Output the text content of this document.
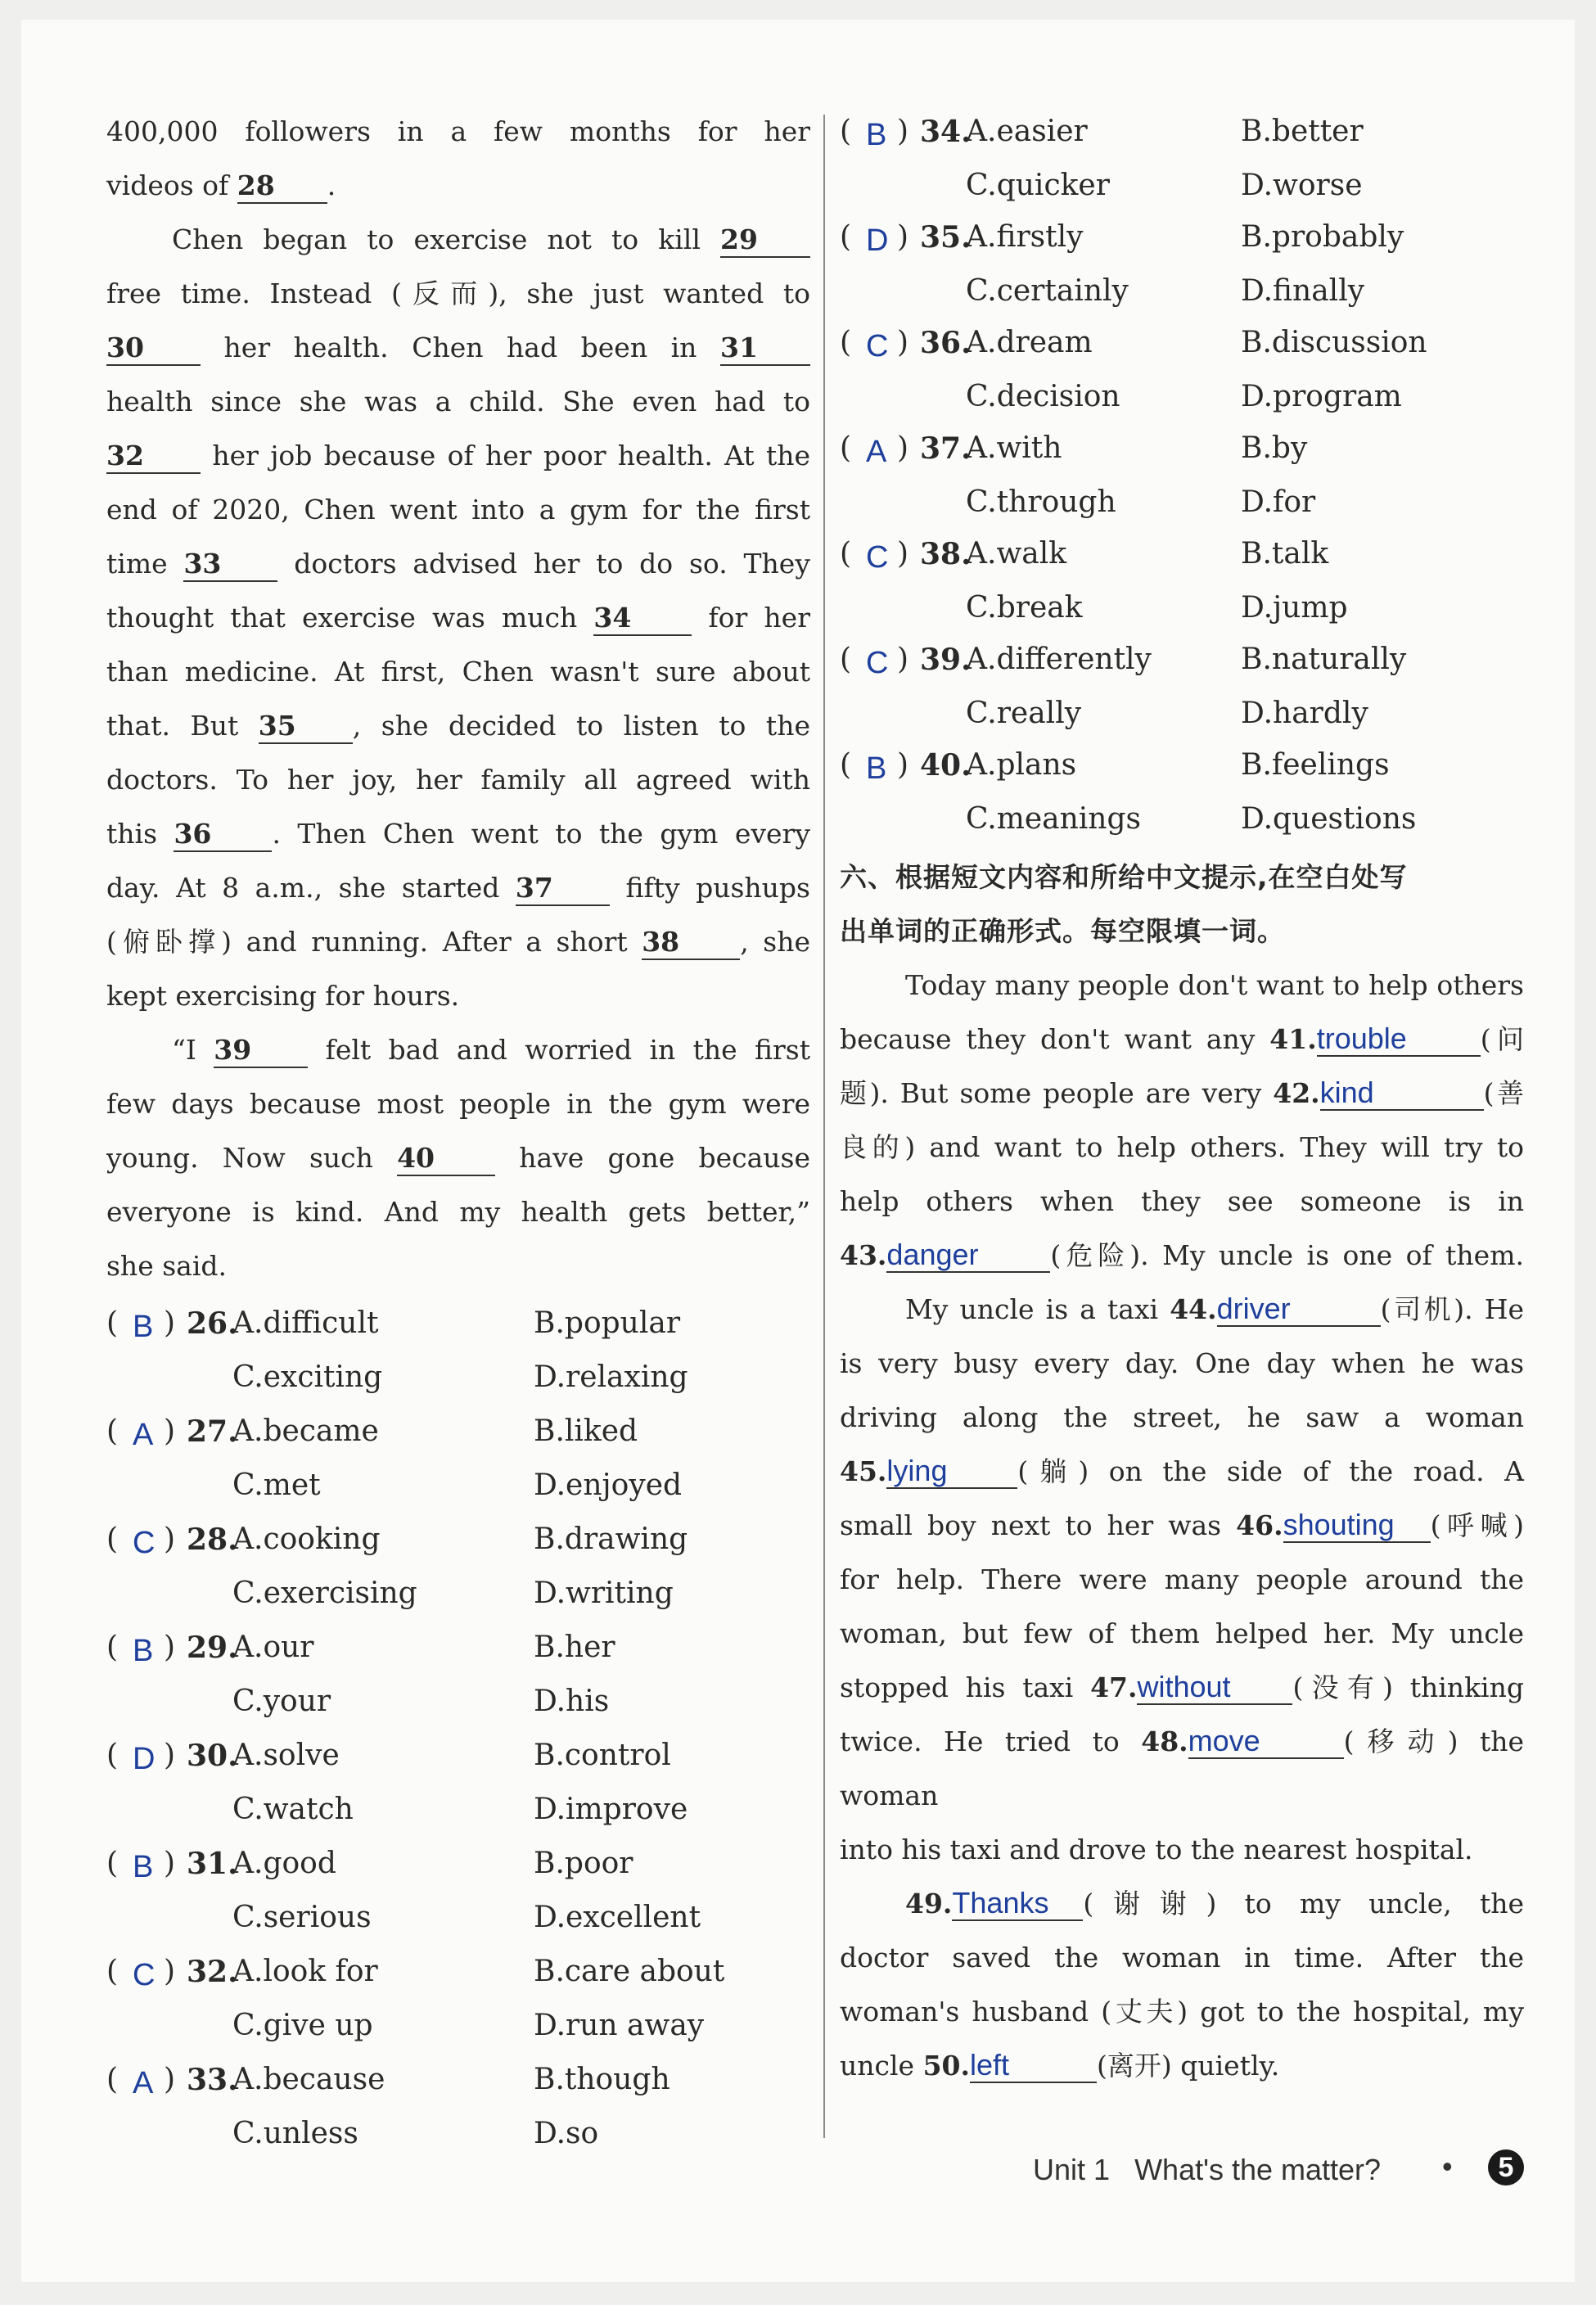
400,000 followers in a few months for her
videos of 28 .
Chen began to exercise not to kill 29
free time. Instead (反而), she just wanted to
30	her health. Chen had been in 31
health since she was a child. She even had to
32	her job because of her poor health. At the
end of 2020, Chen went into a gym for the first
time 33	doctors advised her to do so. They
thought that exercise was much 34	for her
than medicine. At first, Chen wasn't sure about
that. But 35 , she decided to listen to the
doctors. To her joy, her family all agreed with
this 36 . Then Chen went to the gym every
day. At 8 a.m., she started 37	fifty pushups
(俯卧撑) and running. After a short 38 , she
kept exercising for hours.
“I 39	felt bad and worried in the first
few days because most people in the gym were
young. Now such 40	have gone because
everyone is kind. And my health gets better,”
she said.
( B ) 26.
A.difficult	B.popular
C.exciting	D.relaxing
( A ) 27.
A.became	B.liked
C.met	D.enjoyed
( C ) 28.
A.cooking	B.drawing
C.exercising	D.writing
( B ) 29.
A.our	B.her
C.your	D.his
( D ) 30.
A.solve	B.control
C.watch	D.improve
( B ) 31.
A.good	B.poor
C.serious	D.excellent
( C ) 32.
A.look for	B.care about
C.give up	D.run away
( A ) 33.
A.because	B.though
C.unless	D.so
( B ) 34.
A.easier	B.better
C.quicker	D.worse
( D ) 35.
A.firstly	B.probably
C.certainly	D.finally
( C ) 36.
A.dream	B.discussion
C.decision	D.program
( A ) 37.
A.with	B.by
C.through	D.for
( C ) 38.
A.walk	B.talk
C.break	D.jump
( C ) 39.
A.differently	B.naturally
C.really	D.hardly
( B ) 40.
A.plans	B.feelings
C.meanings	D.questions
六、根据短文内容和所给中文提示,在空白处写
出单词的正确形式。每空限填一词。
Today many people don't want to help others
because they don't want any 41.trouble	(问
题). But some people are very 42.kind	(善
良的) and want to help others. They will try to
help others when they see someone is in
43.danger	(危险). My uncle is one of them.
My uncle is a taxi 44.driver	(司机). He
is very busy every day. One day when he was
driving along the street, he saw a woman
45.lying	(躺) on the side of the road. A
small boy next to her was 46.shouting (呼喊)
for help. There were many people around the
woman, but few of them helped her. My uncle
stopped his taxi 47.without (没有) thinking
twice. He tried to 48.move	(移动) the woman
into his taxi and drove to the nearest hospital.
49.Thanks (谢谢) to my uncle, the
doctor saved the woman in time. After the
woman's husband (丈夫) got to the hospital, my
uncle 50.left	(离开) quietly.
Unit 1 What's the matter? •	5
